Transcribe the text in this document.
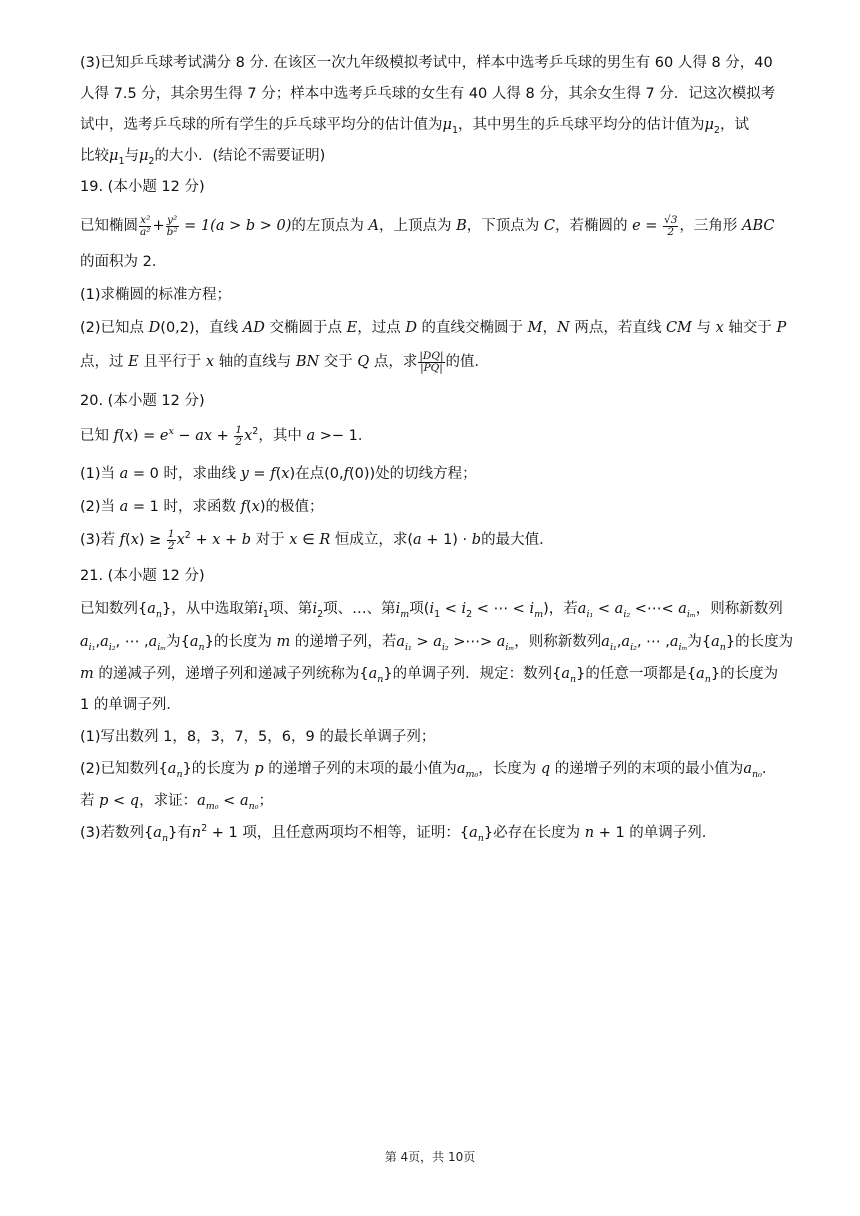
(3)已知乒乓球考试满分 8 分. 在该区一次九年级模拟考试中，样本中选考乒乓球的男生有 60 人得 8 分，40
人得 7.5 分，其余男生得 7 分；样本中选考乒乓球的女生有 40 人得 8 分，其余女生得 7 分．记这次模拟考
试中，选考乒乓球的所有学生的乒乓球平均分的估计值为$\mu_1$，其中男生的乒乓球平均分的估计值为$\mu_2$，试
比较$\mu_1$与$\mu_2$的大小．(结论不需要证明)
19. (本小题 12 分)
已知椭圆 $\frac{\text{x²}}{\text{a²}} + \frac{\text{y²}}{\text{b²}} = 1(a > b > 0)$的左顶点为 A，上顶点为 B，下顶点为 C，若椭圆的 $e = \frac{√3}{2}$ ，三角形 ABC
的面积为 2．
(1)求椭圆的标准方程；
(2)已知点 D(0,2)，直线 AD 交椭圆于点 E，过点 D 的直线交椭圆于 M，N 两点，若直线 CM 与 x 轴交于 P
点，过 E 且平行于 x 轴的直线与 BN 交于 Q 点，求 $\frac{|DQ|}{|PQ|}$ 的值．
20. (本小题 12 分)
已知 $f(x) = e^x$ − ax + $\frac{1}{2} x^2$，其中 a >− 1．
(1)当 a = 0 时，求曲线 y = f(x)在点(0,f(0))处的切线方程；
(2)当 a = 1 时，求函数 f(x)的极值；
(3)若 $f(x) \ge \frac{1}{2} x^2 + x + b$ 对于 x ∈ R 恒成立，求(a + 1) · b的最大值．
21. (本小题 12 分)
已知数列$\{a_n\}$，从中选取第$i_1$项、第$i_2$项、…、第$i_m$项($i_1 < i_2$ < ⋯ < $i_m$)，若$a_{i_1} < a_{i_2}$ <⋯< $a_{i_m}$，则称新数列
$a_{i_1},a_{i_2}$, ⋯ $,a_{i_m}$为$\{a_n\}$的长度为 m 的递增子列，若$a_{i_1} > a_{i_2}$ >⋯> $a_{i_m}$，则称新数列$a_{i_1},a_{i_2}$, ⋯ $,a_{i_m}$为$\{a_n\}$的长度为
m 的递减子列，递增子列和递减子列统称为$\{a_n\}$的单调子列．规定：数列$\{a_n\}$的任意一项都是$\{a_n\}$的长度为
1 的单调子列．
(1)写出数列 1，8，3，7，5，6，9 的最长单调子列；
(2)已知数列$\{a_n\}$的长度为 p 的递增子列的末项的最小值为$a_{m_0}$，长度为 q 的递增子列的末项的最小值为$a_{n_0}$.
若 p < q，求证：$a_{m_0} < a_{n_0}$；
(3)若数列$\{a_n\}$有$n^2 + 1$ 项，且任意两项均不相等，证明：$\{a_n\}$必存在长度为 n + 1 的单调子列.
第 4页，共 10页
